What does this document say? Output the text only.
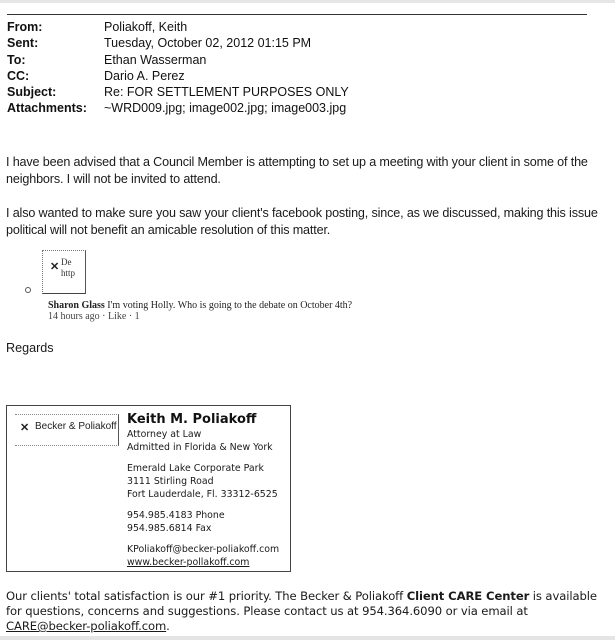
From:	Poliakoff, Keith
Sent:	Tuesday, October 02, 2012 01:15 PM
To:	Ethan Wasserman
CC:	Dario A. Perez
Subject:	Re: FOR SETTLEMENT PURPOSES ONLY
Attachments: ~WRD009.jpg; image002.jpg; image003.jpg
I have been advised that a Council Member is attempting to set up a meeting with your client in some of the neighbors. I will not be invited to attend.
I also wanted to make sure you saw your client's facebook posting, since, as we discussed, making this issue political will not benefit an amicable resolution of this matter.
✕ De http
Sharon Glass I'm voting Holly. Who is going to the debate on October 4th?
14 hours ago · Like · 1
Regards
✕ Becker & Poliakoff Keith M. Poliakoff
Attorney at Law
Admitted in Florida & New York
Emerald Lake Corporate Park
3111 Stirling Road
Fort Lauderdale, Fl. 33312-6525
954.985.4183 Phone
954.985.6814 Fax
KPoliakoff@becker-poliakoff.com
www.becker-pollakoff.com
Our clients' total satisfaction is our #1 priority. The Becker & Poliakoff Client CARE Center is available for questions, concerns and suggestions. Please contact us at 954.364.6090 or via email at CARE@becker-poliakoff.com.
